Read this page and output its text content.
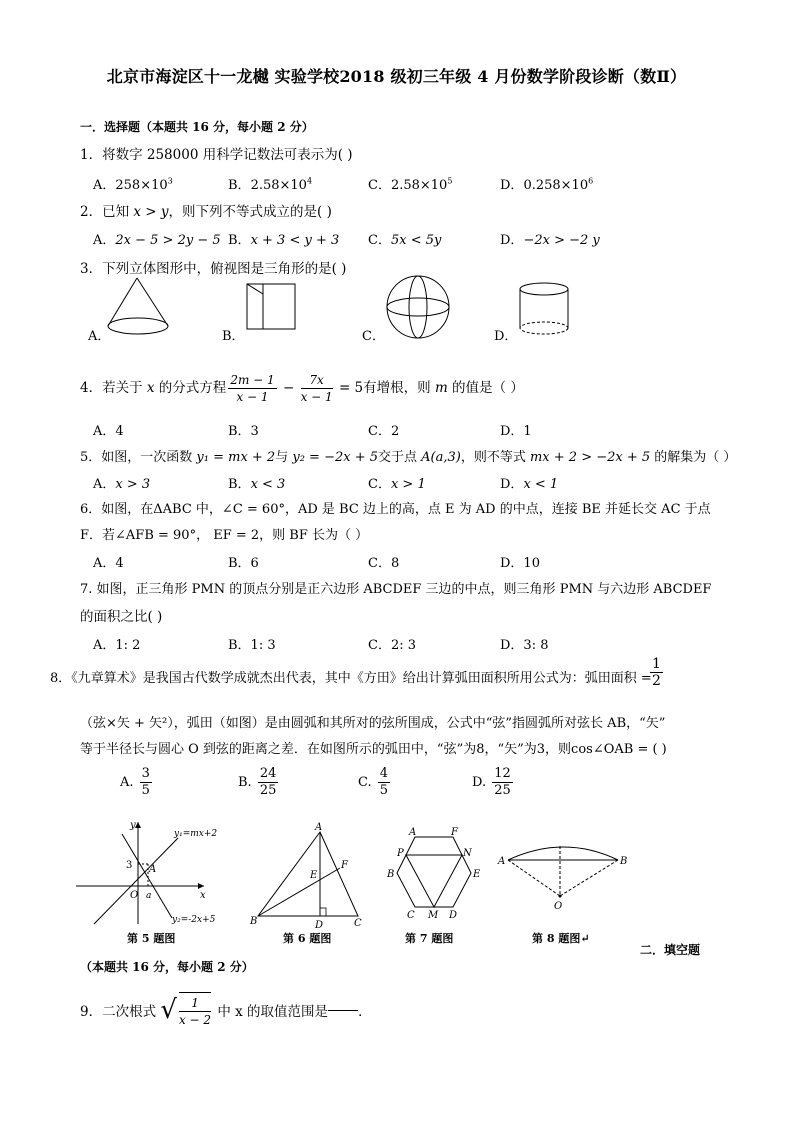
北京市海淀区十一龙樾 实验学校2018 级初三年级 4 月份数学阶段诊断（数Ⅱ）
一．选择题（本题共 16 分，每小题 2 分）
1．将数字 258000 用科学记数法可表示为( )
A．$258\times 10^3$	B．$2.58\times 10^4$	C．$2.58\times 10^5$	D．$0.258\times 10^6$
2．已知 x > y，则下列不等式成立的是( )
A．2x − 5 > 2y − 5 B．x + 3 < y + 3 C．5x < 5y	D．−2x > −2 y
3．下列立体图形中，俯视图是三角形的是( )
A．	B．	C．	D．
4．若关于 x 的分式方程 $\frac{2m - 1}{x - 1} - \frac{7x}{x - 1} = 5$有增根，则 m 的值是（ ）
A．4	B．3	C．2	D．1
5．如图，一次函数 y₁ = mx + 2与 y₂ = −2x + 5交于点 A(a,3)，则不等式 mx + 2 > −2x + 5 的解集为（ ）
A．x > 3	B．x < 3	C．x > 1	D．x < 1
6．如图，在ΔABC 中，∠C = 60°，AD 是 BC 边上的高，点 E 为 AD 的中点，连接 BE 并延长交 AC 于点
F．若∠AFB = 90°， EF = 2，则 BF 长为（ ）
A．4	B．6	C．8	D．10
7. 如图，正三角形 PMN 的顶点分别是正六边形 ABCDEF 三边的中点，则三角形 PMN 与六边形 ABCDEF
的面积之比( )
A．1: 2	B．1: 3	C．2: 3	D．3: 8
8．《九章算术》是我国古代数学成就杰出代表，其中《方田》给出计算弧田面积所用公式为：弧田面积 =
$\frac{1}{2}$
（弦×矢 + 矢²），弧田（如图）是由圆弧和其所对的弦所围成，公式中“弦”指圆弧所对弦长 AB，“矢”
等于半径长与圆心 O 到弦的距离之差．在如图所示的弧田中，“弦”为8，“矢”为3，则cos∠OAB = ( )
A. $\frac{3}{5}$	B. $\frac{24}{25}$	C. $\frac{4}{5}$	D. $\frac{12}{25}$
y
x
3 A
O a
y₁=mx+2
y₂=-2x+5
第 5 题图
A
B	C
D
E
F
第 6 题图
A	F
P	N
B	E
C M D
第 7 题图
A	B
O
第 8 题图↵
二．填空题
（本题共 16 分，每小题 2 分）
9．二次根式 √ $\frac{1}{x - 2}$ 中 x 的取值范围是 ．
